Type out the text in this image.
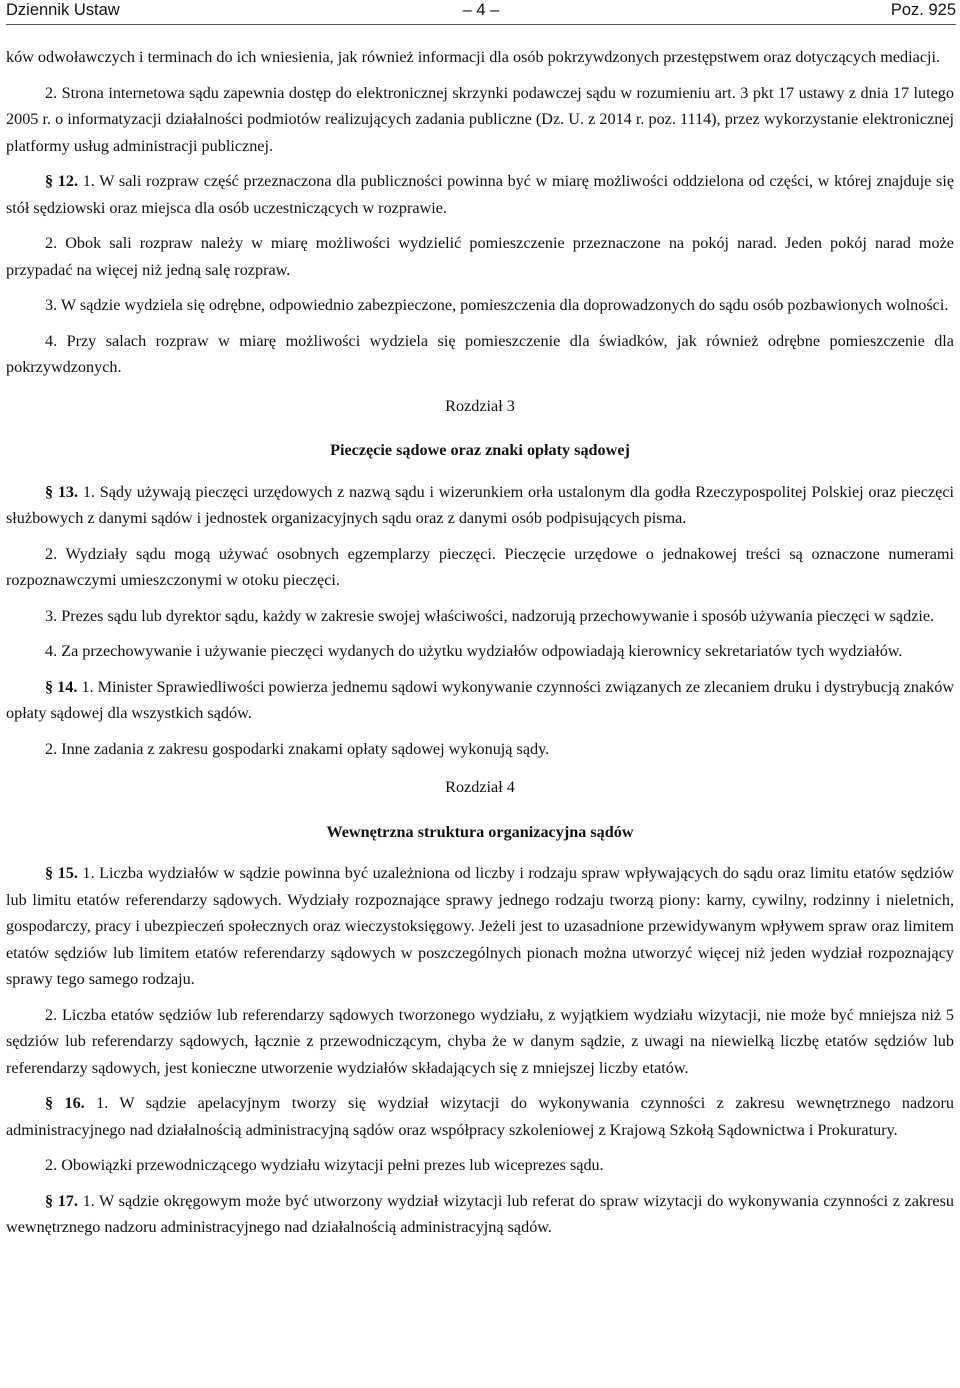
Dziennik Ustaw	– 4 –	Poz. 925

ków odwoławczych i terminach do ich wniesienia, jak również informacji dla osób pokrzywdzonych przestępstwem oraz dotyczących mediacji.

2. Strona internetowa sądu zapewnia dostęp do elektronicznej skrzynki podawczej sądu w rozumieniu art. 3 pkt 17 ustawy z dnia 17 lutego 2005 r. o informatyzacji działalności podmiotów realizujących zadania publiczne (Dz. U. z 2014 r. poz. 1114), przez wykorzystanie elektronicznej platformy usług administracji publicznej.

§ 12. 1. W sali rozpraw część przeznaczona dla publiczności powinna być w miarę możliwości oddzielona od części, w której znajduje się stół sędziowski oraz miejsca dla osób uczestniczących w rozprawie.

2. Obok sali rozpraw należy w miarę możliwości wydzielić pomieszczenie przeznaczone na pokój narad. Jeden pokój narad może przypadać na więcej niż jedną salę rozpraw.

3. W sądzie wydziela się odrębne, odpowiednio zabezpieczone, pomieszczenia dla doprowadzonych do sądu osób pozbawionych wolności.

4. Przy salach rozpraw w miarę możliwości wydziela się pomieszczenie dla świadków, jak również odrębne pomieszczenie dla pokrzywdzonych.

Rozdział 3
Pieczęcie sądowe oraz znaki opłaty sądowej

§ 13. 1. Sądy używają pieczęci urzędowych z nazwą sądu i wizerunkiem orła ustalonym dla godła Rzeczypospolitej Polskiej oraz pieczęci służbowych z danymi sądów i jednostek organizacyjnych sądu oraz z danymi osób podpisujących pisma.

2. Wydziały sądu mogą używać osobnych egzemplarzy pieczęci. Pieczęcie urzędowe o jednakowej treści są oznaczone numerami rozpoznawczymi umieszczonymi w otoku pieczęci.

3. Prezes sądu lub dyrektor sądu, każdy w zakresie swojej właściwości, nadzorują przechowywanie i sposób używania pieczęci w sądzie.

4. Za przechowywanie i używanie pieczęci wydanych do użytku wydziałów odpowiadają kierownicy sekretariatów tych wydziałów.

§ 14. 1. Minister Sprawiedliwości powierza jednemu sądowi wykonywanie czynności związanych ze zlecaniem druku i dystrybucją znaków opłaty sądowej dla wszystkich sądów.

2. Inne zadania z zakresu gospodarki znakami opłaty sądowej wykonują sądy.

Rozdział 4
Wewnętrzna struktura organizacyjna sądów

§ 15. 1. Liczba wydziałów w sądzie powinna być uzależniona od liczby i rodzaju spraw wpływających do sądu oraz limitu etatów sędziów lub limitu etatów referendarzy sądowych. Wydziały rozpoznające sprawy jednego rodzaju tworzą piony: karny, cywilny, rodzinny i nieletnich, gospodarczy, pracy i ubezpieczeń społecznych oraz wieczystoksięgowy. Jeżeli jest to uzasadnione przewidywanym wpływem spraw oraz limitem etatów sędziów lub limitem etatów referendarzy sądowych w poszczególnych pionach można utworzyć więcej niż jeden wydział rozpoznający sprawy tego samego rodzaju.

2. Liczba etatów sędziów lub referendarzy sądowych tworzonego wydziału, z wyjątkiem wydziału wizytacji, nie może być mniejsza niż 5 sędziów lub referendarzy sądowych, łącznie z przewodniczącym, chyba że w danym sądzie, z uwagi na niewielką liczbę etatów sędziów lub referendarzy sądowych, jest konieczne utworzenie wydziałów składających się z mniejszej liczby etatów.

§ 16. 1. W sądzie apelacyjnym tworzy się wydział wizytacji do wykonywania czynności z zakresu wewnętrznego nadzoru administracyjnego nad działalnością administracyjną sądów oraz współpracy szkoleniowej z Krajową Szkołą Sądownictwa i Prokuratury.

2. Obowiązki przewodniczącego wydziału wizytacji pełni prezes lub wiceprezes sądu.

§ 17. 1. W sądzie okręgowym może być utworzony wydział wizytacji lub referat do spraw wizytacji do wykonywania czynności z zakresu wewnętrznego nadzoru administracyjnego nad działalnością administracyjną sądów.
